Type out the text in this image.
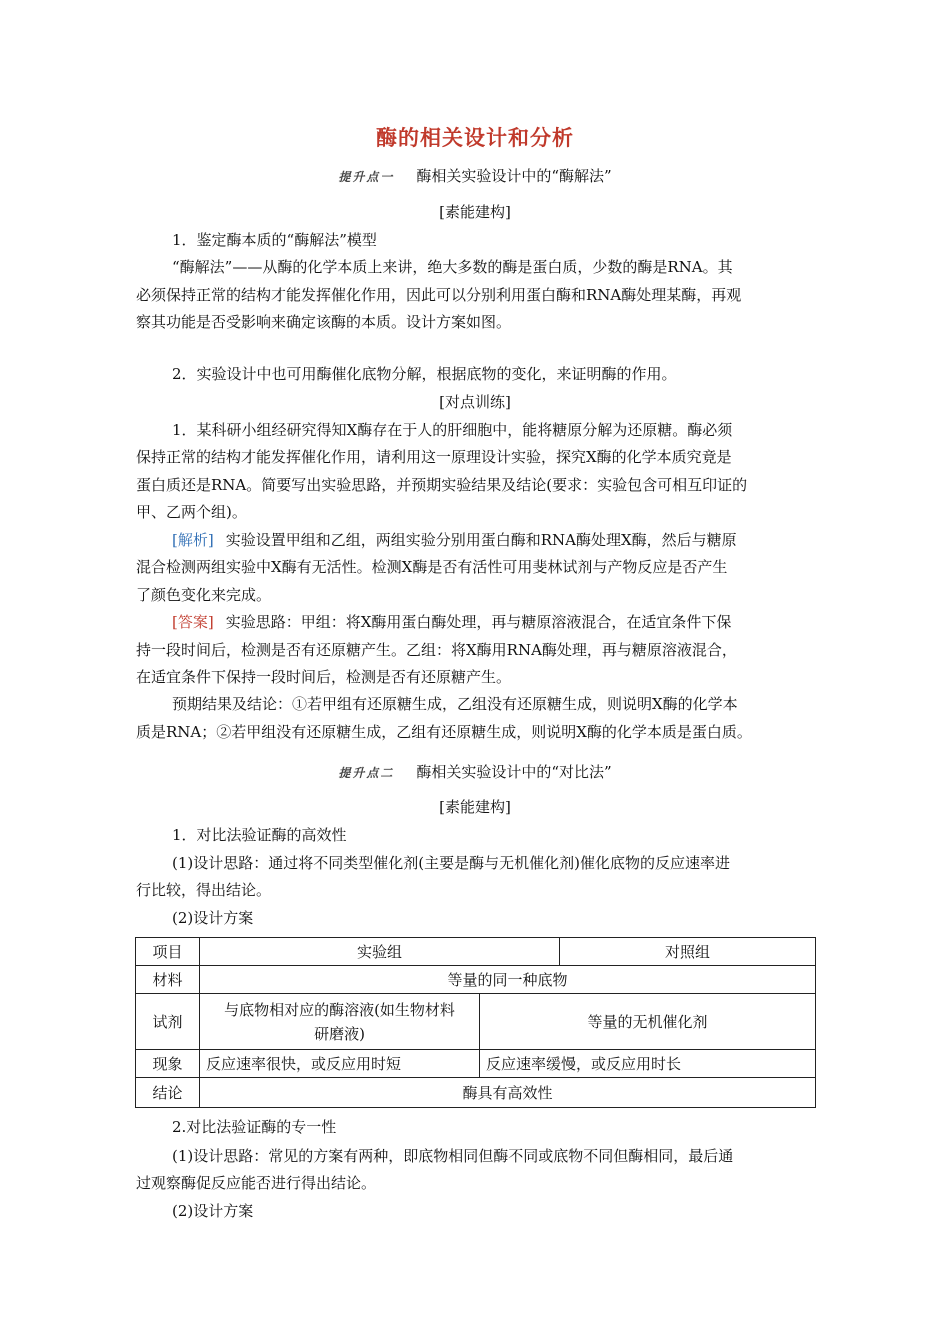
酶的相关设计和分析
提升点一 酶相关实验设计中的“酶解法”
[素能建构]
1．鉴定酶本质的“酶解法”模型
“酶解法”——从酶的化学本质上来讲，绝大多数的酶是蛋白质，少数的酶是RNA。其
必须保持正常的结构才能发挥催化作用，因此可以分别利用蛋白酶和RNA酶处理某酶，再观
察其功能是否受影响来确定该酶的本质。设计方案如图。
2．实验设计中也可用酶催化底物分解，根据底物的变化，来证明酶的作用。
[对点训练]
1．某科研小组经研究得知X酶存在于人的肝细胞中，能将糖原分解为还原糖。酶必须
保持正常的结构才能发挥催化作用，请利用这一原理设计实验，探究X酶的化学本质究竟是
蛋白质还是RNA。简要写出实验思路，并预期实验结果及结论(要求：实验包含可相互印证的
甲、乙两个组)。
[解析] 实验设置甲组和乙组，两组实验分别用蛋白酶和RNA酶处理X酶，然后与糖原
混合检测两组实验中X酶有无活性。检测X酶是否有活性可用斐林试剂与产物反应是否产生
了颜色变化来完成。
[答案] 实验思路：甲组：将X酶用蛋白酶处理，再与糖原溶液混合，在适宜条件下保
持一段时间后，检测是否有还原糖产生。乙组：将X酶用RNA酶处理，再与糖原溶液混合，
在适宜条件下保持一段时间后，检测是否有还原糖产生。
预期结果及结论：①若甲组有还原糖生成，乙组没有还原糖生成，则说明X酶的化学本
质是RNA；②若甲组没有还原糖生成，乙组有还原糖生成，则说明X酶的化学本质是蛋白质。
提升点二 酶相关实验设计中的“对比法”
[素能建构]
1．对比法验证酶的高效性
(1)设计思路：通过将不同类型催化剂(主要是酶与无机催化剂)催化底物的反应速率进
行比较，得出结论。
(2)设计方案
项目	实验组		对照组
材料	等量的同一种底物		
试剂	与底物相对应的酶溶液(如生物材料
研磨液)	等量的无机催化剂	
现象	反应速率很快，或反应用时短	反应速率缓慢，或反应用时长	
结论	酶具有高效性		
2.对比法验证酶的专一性
(1)设计思路：常见的方案有两种，即底物相同但酶不同或底物不同但酶相同，最后通
过观察酶促反应能否进行得出结论。
(2)设计方案
